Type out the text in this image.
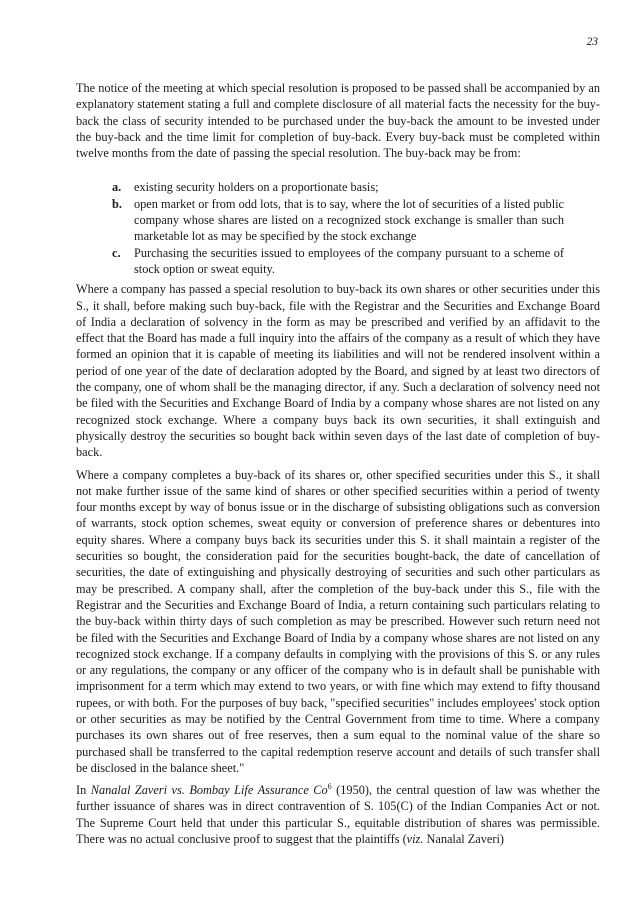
23

The notice of the meeting at which special resolution is proposed to be passed shall be accompanied by an explanatory statement stating a full and complete disclosure of all material facts the necessity for the buy-back the class of security intended to be purchased under the buy-back the amount to be invested under the buy-back and the time limit for completion of buy-back. Every buy-back must be completed within twelve months from the date of passing the special resolution. The buy-back may be from:

a. existing security holders on a proportionate basis;
b. open market or from odd lots, that is to say, where the lot of securities of a listed public company whose shares are listed on a recognized stock exchange is smaller than such marketable lot as may be specified by the stock exchange
c. Purchasing the securities issued to employees of the company pursuant to a scheme of stock option or sweat equity.

Where a company has passed a special resolution to buy-back its own shares or other securities under this S., it shall, before making such buy-back, file with the Registrar and the Securities and Exchange Board of India a declaration of solvency in the form as may be prescribed and verified by an affidavit to the effect that the Board has made a full inquiry into the affairs of the company as a result of which they have formed an opinion that it is capable of meeting its liabilities and will not be rendered insolvent within a period of one year of the date of declaration adopted by the Board, and signed by at least two directors of the company, one of whom shall be the managing director, if any. Such a declaration of solvency need not be filed with the Securities and Exchange Board of India by a company whose shares are not listed on any recognized stock exchange. Where a company buys back its own securities, it shall extinguish and physically destroy the securities so bought back within seven days of the last date of completion of buy-back.

Where a company completes a buy-back of its shares or, other specified securities under this S., it shall not make further issue of the same kind of shares or other specified securities within a period of twenty four months except by way of bonus issue or in the discharge of subsisting obligations such as conversion of warrants, stock option schemes, sweat equity or conversion of preference shares or debentures into equity shares. Where a company buys back its securities under this S. it shall maintain a register of the securities so bought, the consideration paid for the securities bought-back, the date of cancellation of securities, the date of extinguishing and physically destroying of securities and such other particulars as may be prescribed. A company shall, after the completion of the buy-back under this S., file with the Registrar and the Securities and Exchange Board of India, a return containing such particulars relating to the buy-back within thirty days of such completion as may be prescribed. However such return need not be filed with the Securities and Exchange Board of India by a company whose shares are not listed on any recognized stock exchange. If a company defaults in complying with the provisions of this S. or any rules or any regulations, the company or any officer of the company who is in default shall be punishable with imprisonment for a term which may extend to two years, or with fine which may extend to fifty thousand rupees, or with both. For the purposes of buy back, "specified securities" includes employees' stock option or other securities as may be notified by the Central Government from time to time. Where a company purchases its own shares out of free reserves, then a sum equal to the nominal value of the share so purchased shall be transferred to the capital redemption reserve account and details of such transfer shall be disclosed in the balance sheet."

In Nanalal Zaveri vs. Bombay Life Assurance Co$^6$ (1950), the central question of law was whether the further issuance of shares was in direct contravention of S. 105(C) of the Indian Companies Act or not. The Supreme Court held that under this particular S., equitable distribution of shares was permissible. There was no actual conclusive proof to suggest that the plaintiffs (viz. Nanalal Zaveri)
